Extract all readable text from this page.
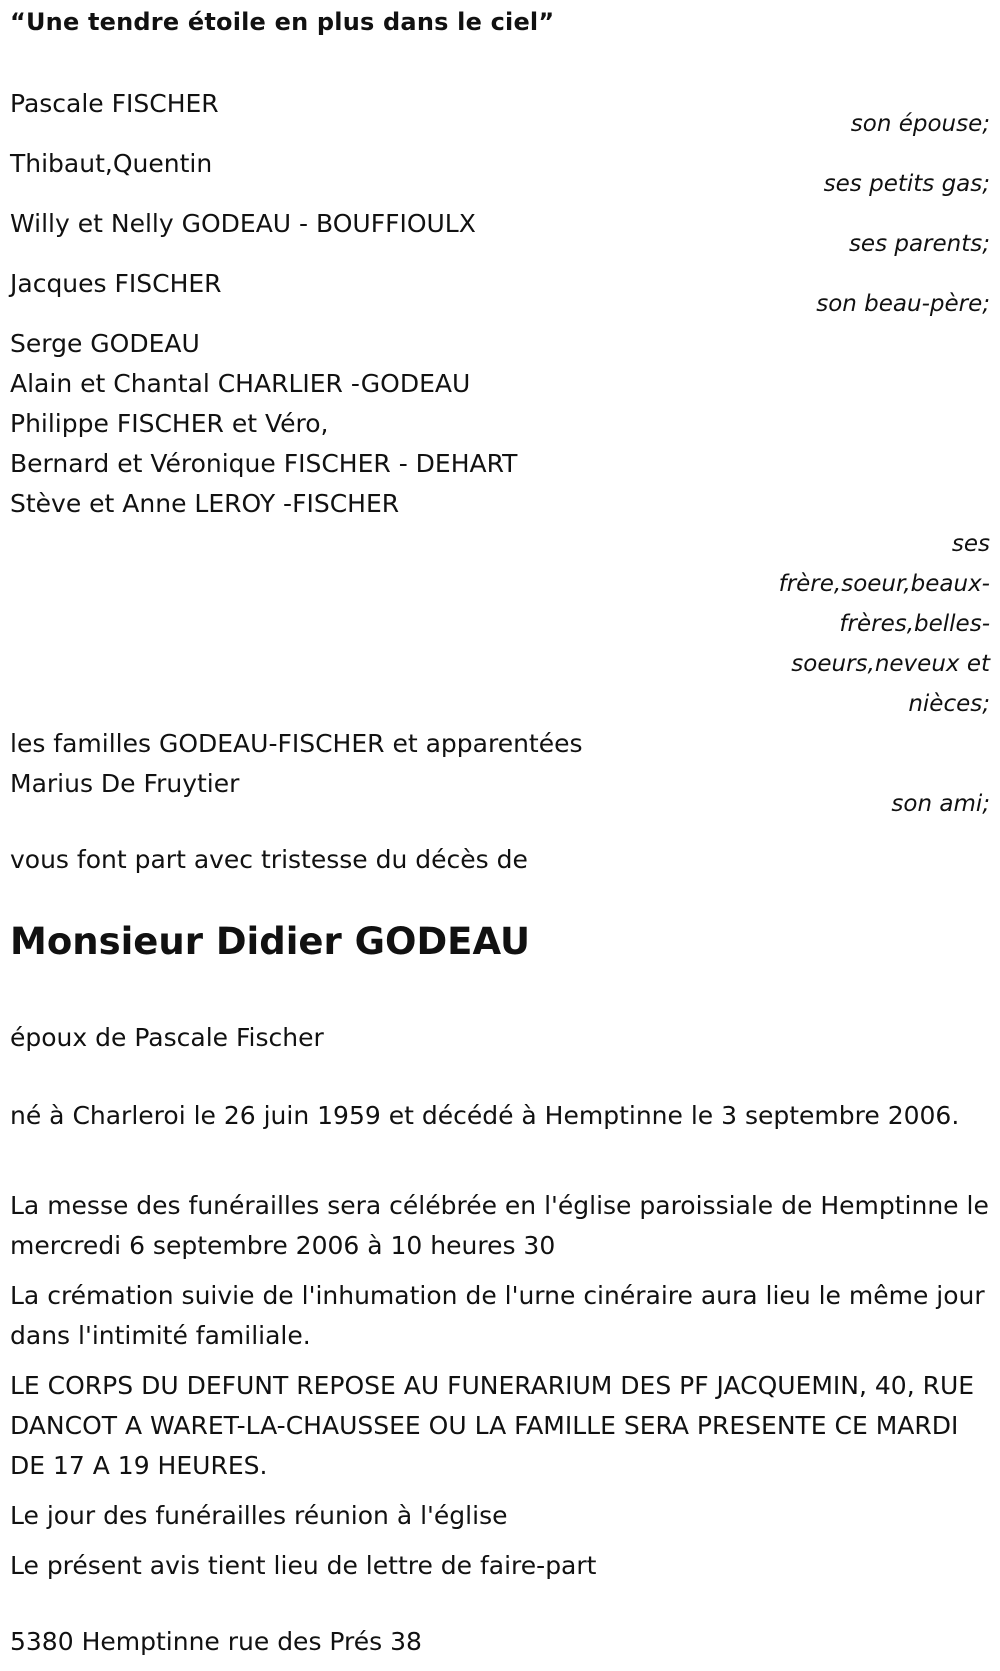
“Une tendre étoile en plus dans le ciel”
Pascale FISCHER
son épouse;
Thibaut,Quentin
ses petits gas;
Willy et Nelly GODEAU - BOUFFIOULX
ses parents;
Jacques FISCHER
son beau-père;
Serge GODEAU
Alain et Chantal CHARLIER -GODEAU
Philippe FISCHER et Véro,
Bernard et Véronique FISCHER - DEHART
Stève et Anne LEROY -FISCHER
ses frère,soeur,beaux-frères,belles-soeurs,neveux et nièces;
les familles GODEAU-FISCHER et apparentées
Marius De Fruytier
son ami;
vous font part avec tristesse du décès de
Monsieur Didier GODEAU
époux de Pascale Fischer
né à Charleroi le 26 juin 1959 et décédé à Hemptinne le 3 septembre 2006.
La messe des funérailles sera célébrée en l'église paroissiale de Hemptinne le mercredi 6 septembre 2006 à 10 heures 30
La crémation suivie de l'inhumation de l'urne cinéraire aura lieu le même jour dans l'intimité familiale.
LE CORPS DU DEFUNT REPOSE AU FUNERARIUM DES PF JACQUEMIN, 40, RUE DANCOT A WARET-LA-CHAUSSEE OU LA FAMILLE SERA PRESENTE CE MARDI DE 17 A 19 HEURES.
Le jour des funérailles réunion à l'église
Le présent avis tient lieu de lettre de faire-part
5380 Hemptinne rue des Prés 38
